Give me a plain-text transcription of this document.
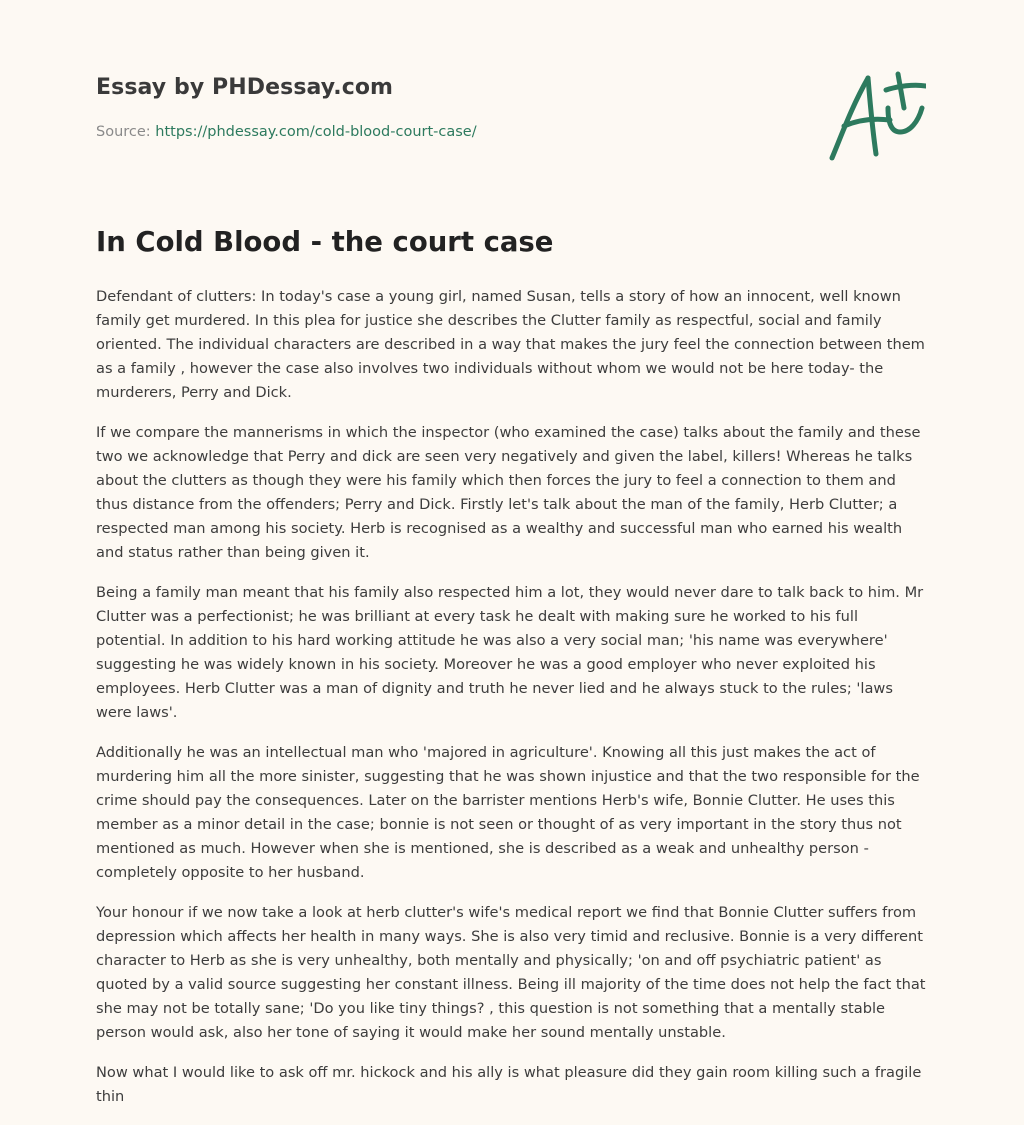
Essay by PHDessay.com
Source: https://phdessay.com/cold-blood-court-case/
In Cold Blood - the court case

Defendant of clutters: In today's case a young girl, named Susan, tells a story of how an innocent, well known family get murdered. In this plea for justice she describes the Clutter family as respectful, social and family oriented. The individual characters are described in a way that makes the jury feel the connection between them as a family , however the case also involves two individuals without whom we would not be here today- the murderers, Perry and Dick.

If we compare the mannerisms in which the inspector (who examined the case) talks about the family and these two we acknowledge that Perry and dick are seen very negatively and given the label, killers! Whereas he talks about the clutters as though they were his family which then forces the jury to feel a connection to them and thus distance from the offenders; Perry and Dick. Firstly let's talk about the man of the family, Herb Clutter; a respected man among his society. Herb is recognised as a wealthy and successful man who earned his wealth and status rather than being given it.

Being a family man meant that his family also respected him a lot, they would never dare to talk back to him. Mr Clutter was a perfectionist; he was brilliant at every task he dealt with making sure he worked to his full potential. In addition to his hard working attitude he was also a very social man; 'his name was everywhere' suggesting he was widely known in his society. Moreover he was a good employer who never exploited his employees. Herb Clutter was a man of dignity and truth he never lied and he always stuck to the rules; 'laws were laws'.

Additionally he was an intellectual man who 'majored in agriculture'. Knowing all this just makes the act of murdering him all the more sinister, suggesting that he was shown injustice and that the two responsible for the crime should pay the consequences. Later on the barrister mentions Herb's wife, Bonnie Clutter. He uses this member as a minor detail in the case; bonnie is not seen or thought of as very important in the story thus not mentioned as much. However when she is mentioned, she is described as a weak and unhealthy person - completely opposite to her husband.

Your honour if we now take a look at herb clutter's wife's medical report we find that Bonnie Clutter suffers from depression which affects her health in many ways. She is also very timid and reclusive. Bonnie is a very different character to Herb as she is very unhealthy, both mentally and physically; 'on and off psychiatric patient' as quoted by a valid source suggesting her constant illness. Being ill majority of the time does not help the fact that she may not be totally sane; 'Do you like tiny things? , this question is not something that a mentally stable person would ask, also her tone of saying it would make her sound mentally unstable.

Now what I would like to ask off mr. hickock and his ally is what pleasure did they gain room killing such a fragile thin
